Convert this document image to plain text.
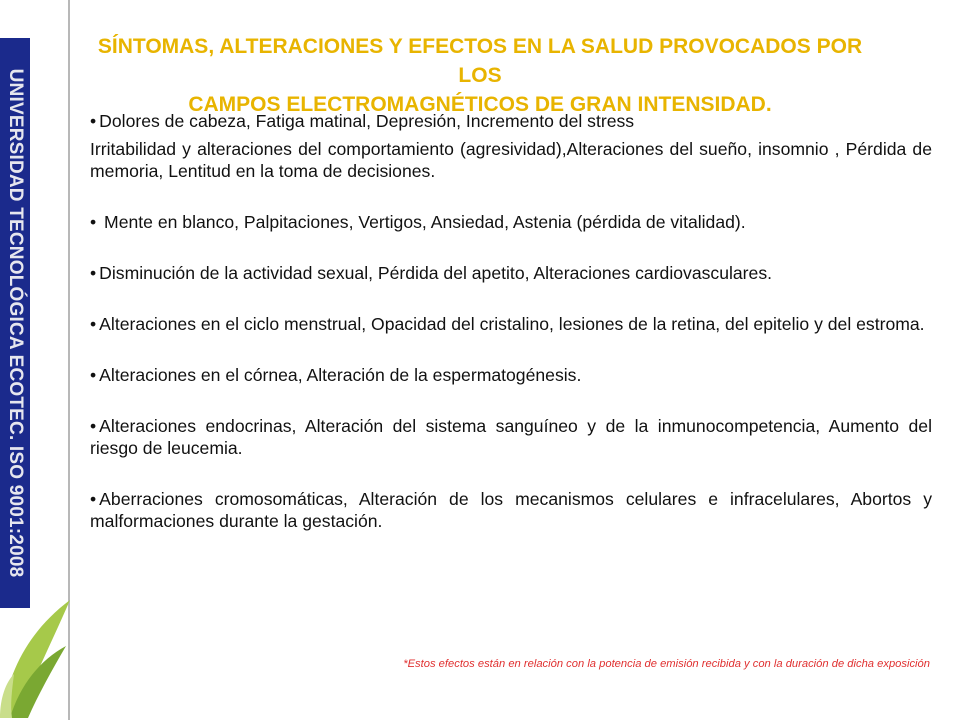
UNIVERSIDAD TECNOLÓGICA ECOTEC. ISO 9001:2008
SÍNTOMAS, ALTERACIONES Y EFECTOS EN LA SALUD PROVOCADOS POR LOS
CAMPOS ELECTROMAGNÉTICOS DE GRAN INTENSIDAD.

• Dolores de cabeza, Fatiga matinal, Depresión, Incremento del stress

Irritabilidad y alteraciones del comportamiento (agresividad),Alteraciones del sueño, insomnio , Pérdida de memoria, Lentitud en la toma de decisiones.

• Mente en blanco, Palpitaciones, Vertigos, Ansiedad, Astenia (pérdida de vitalidad).

• Disminución de la actividad sexual, Pérdida del apetito, Alteraciones cardiovasculares.

• Alteraciones en el ciclo menstrual, Opacidad del cristalino, lesiones de la retina, del epitelio y del estroma.

• Alteraciones en el córnea, Alteración de la espermatogénesis.

• Alteraciones endocrinas, Alteración del sistema sanguíneo y de la inmunocompetencia, Aumento del riesgo de leucemia.

• Aberraciones cromosomáticas, Alteración de los mecanismos celulares e infracelulares, Abortos y malformaciones durante la gestación.

*Estos efectos están en relación con la potencia de emisión recibida y con la duración de dicha exposición
